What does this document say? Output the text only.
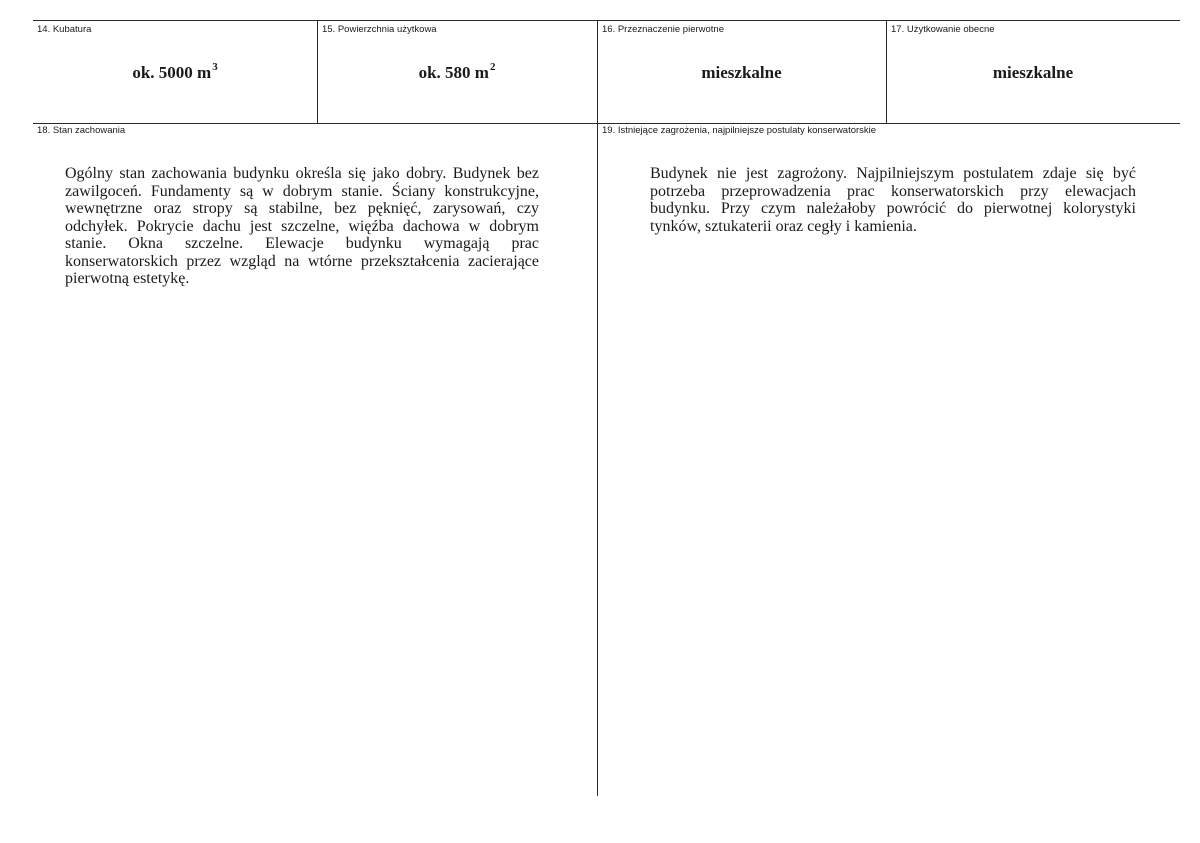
14. Kubatura
ok. 5000 $m^3$
15. Powierzchnia użytkowa
ok. 580 $m^2$
16. Przeznaczenie pierwotne
mieszkalne
17. Użytkowanie obecne
mieszkalne
18. Stan zachowania
Ogólny stan zachowania budynku określa się jako dobry. Budynek bez zawilgoceń. Fundamenty są w dobrym stanie. Ściany konstrukcyjne, wewnętrzne oraz stropy są stabilne, bez pęknięć, zarysowań, czy odchyłek. Pokrycie dachu jest szczelne, więźba dachowa w dobrym stanie. Okna szczelne. Elewacje budynku wymagają prac konserwatorskich przez wzgląd na wtórne przekształcenia zacierające pierwotną estetykę.
19. Istniejące zagrożenia, najpilniejsze postulaty konserwatorskie
Budynek nie jest zagrożony. Najpilniejszym postulatem zdaje się być potrzeba przeprowadzenia prac konserwatorskich przy elewacjach budynku. Przy czym należałoby powrócić do pierwotnej kolorystyki tynków, sztukaterii oraz cegły i kamienia.
